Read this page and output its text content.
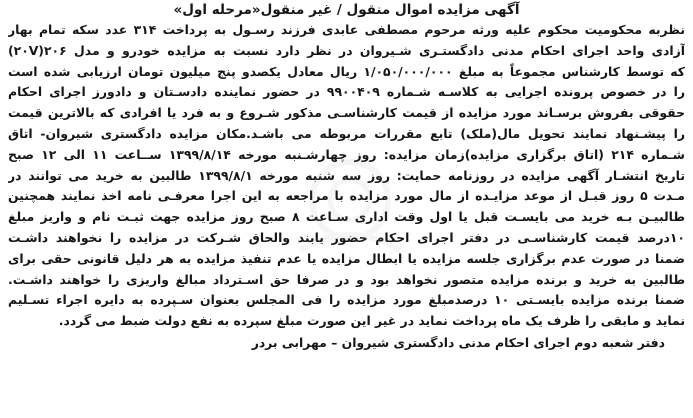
آگهی مزایده اموال منقول / غیر منقول«مرحله اول»
نظربه محکومیت محکوم علیه ورثه مرحوم مصطفی عابدی فرزند رسـول به پرداخت ۳۱۴ عدد سکه تمام بهار
آزادی واحد اجرای احکام مدنی دادگستـری شـیروان در نظر دارد نسبت به مزایده خودرو و مدل ۲۰۶(۲۰V)
که توسط کارشناس مجموعاً به مبلغ ۱/۰۵۰/۰۰۰/۰۰۰ ریال معادل یکصدو پنج میلیون تومان ارزیابی شده است
را در خصوص پرونده اجرایی به کلاسـه شـماره ۹۹۰۰۴۰۹ در حضور نماینده دادسـتان و دادورز اجرای احکام
حقوقی بفروش برسـاند مورد مزایده از قیمت کارشناسـی مذکور شـروع و به فرد یا افرادی که بالاترین قیمت
را پیشـنهاد نمایند تحویل مال(ملک) تابع مقررات مربوطه می باشـد.مکان مزایده دادگستری شیروان- اتاق
شـماره ۲۱۴ (اتاق برگزاری مزایده)زمان مزایده: روز چهارشـنبه مورخه ۱۳۹۹/۸/۱۴ ســاعت ۱۱ الی ۱۲ صبح
تاریخ انتشـار آگهی مزایده در روزنامه حمایت: روز سه شنبه مورخه ۱۳۹۹/۸/۱ طالبین به خرید می توانند در
مـدت ۵ روز قبـل از موعد مزایـده از مال مورد مزایده با مراجعه به این اجرا معرفـی نامه اخذ نمایند همچنین
طالبیـن بـه خرید می بایسـت قبل یا اول وقت اداری سـاعت ۸ صبح روز مزایده جهت ثبـت نام و واریز مبلغ
۱۰درصد قیمت کارشناسـی در دفتر اجرای احکام حضور یابند والحاق شـرکت در مزایده را نخواهند داشـت
ضمنا در صورت عدم برگزاری جلسه مزایده یا ابطال مزایده یا عدم تنفیذ مزایده به هر دلیل قانونی حقی برای
طالبین به خرید و برنده مزایده متصور نخواهد بود و در صرفا حق اسـترداد مبالغ واریزی را خواهند داشـت.
ضمنا برنده مزایده بایسـتی ۱۰ درصدمبلغ مورد مزایده را فی المجلس بعنوان سـپرده به دایره اجراء تسـلیم
نماید و مابقی را ظرف یک ماه پرداخت نماید در غیر این صورت مبلغ سپرده به نفع دولت ضبط می گردد.
دفتر شعبه دوم اجرای احکام مدنی دادگستری شیروان – مهرابی بردر
